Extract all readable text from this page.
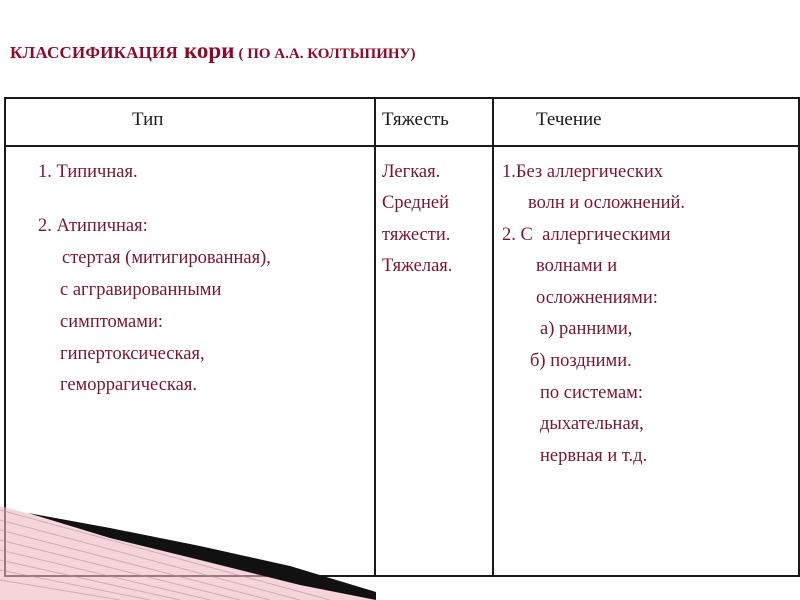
КЛАССИФИКАЦИЯ кори ( ПО А.А. КОЛТЫПИНУ)
Тип	Тяжесть	Течение
1. Типичная.
2. Атипичная:
стертая (митигированная),
с аггравированными
симптомами:
гипертоксическая,
геморрагическая.
Легкая.
Средней
тяжести.
Тяжелая.
1.Без аллергических
волн и осложнений.
2. С  аллергическими
волнами и
осложнениями:
а) ранними,
б) поздними.
по системам:
дыхательная,
нервная и т.д.
